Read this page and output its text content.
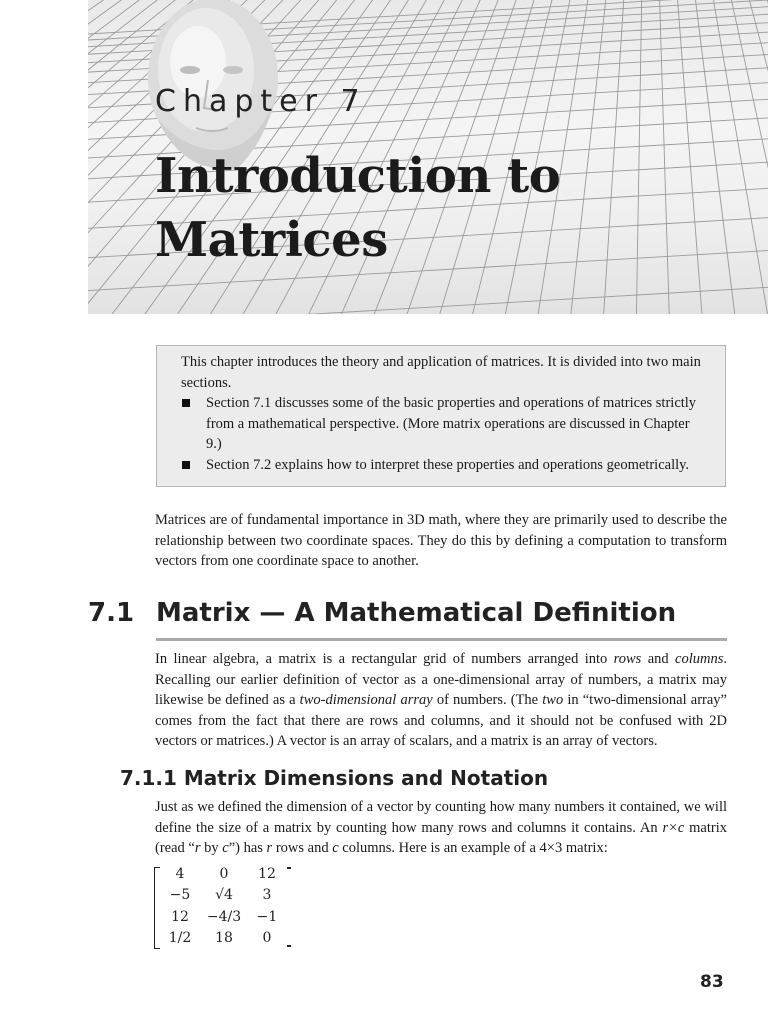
Chapter 7

Introduction to
Matrices

This chapter introduces the theory and application of matrices. It is divided into two main sections.

Section 7.1 discusses some of the basic properties and operations of matrices strictly from a mathematical perspective. (More matrix operations are discussed in Chapter 9.)
Section 7.2 explains how to interpret these properties and operations geometrically.

Matrices are of fundamental importance in 3D math, where they are primarily used to describe the relationship between two coordinate spaces. They do this by defining a computation to transform vectors from one coordinate space to another.

7.1 Matrix — A Mathematical Definition

In linear algebra, a matrix is a rectangular grid of numbers arranged into rows and columns. Recalling our earlier definition of vector as a one-dimensional array of numbers, a matrix may likewise be defined as a two-dimensional array of numbers. (The two in “two-dimensional array” comes from the fact that there are rows and columns, and it should not be confused with 2D vectors or matrices.) A vector is an array of scalars, and a matrix is an array of vectors.

7.1.1 Matrix Dimensions and Notation

Just as we defined the dimension of a vector by counting how many numbers it contained, we will define the size of a matrix by counting how many rows and columns it contains. An r×c matrix (read “r by c”) has r rows and c columns. Here is an example of a 4×3 matrix:

4	0	12
−5	√4	3
12	−4/3	−1
1/2	18	0

83
